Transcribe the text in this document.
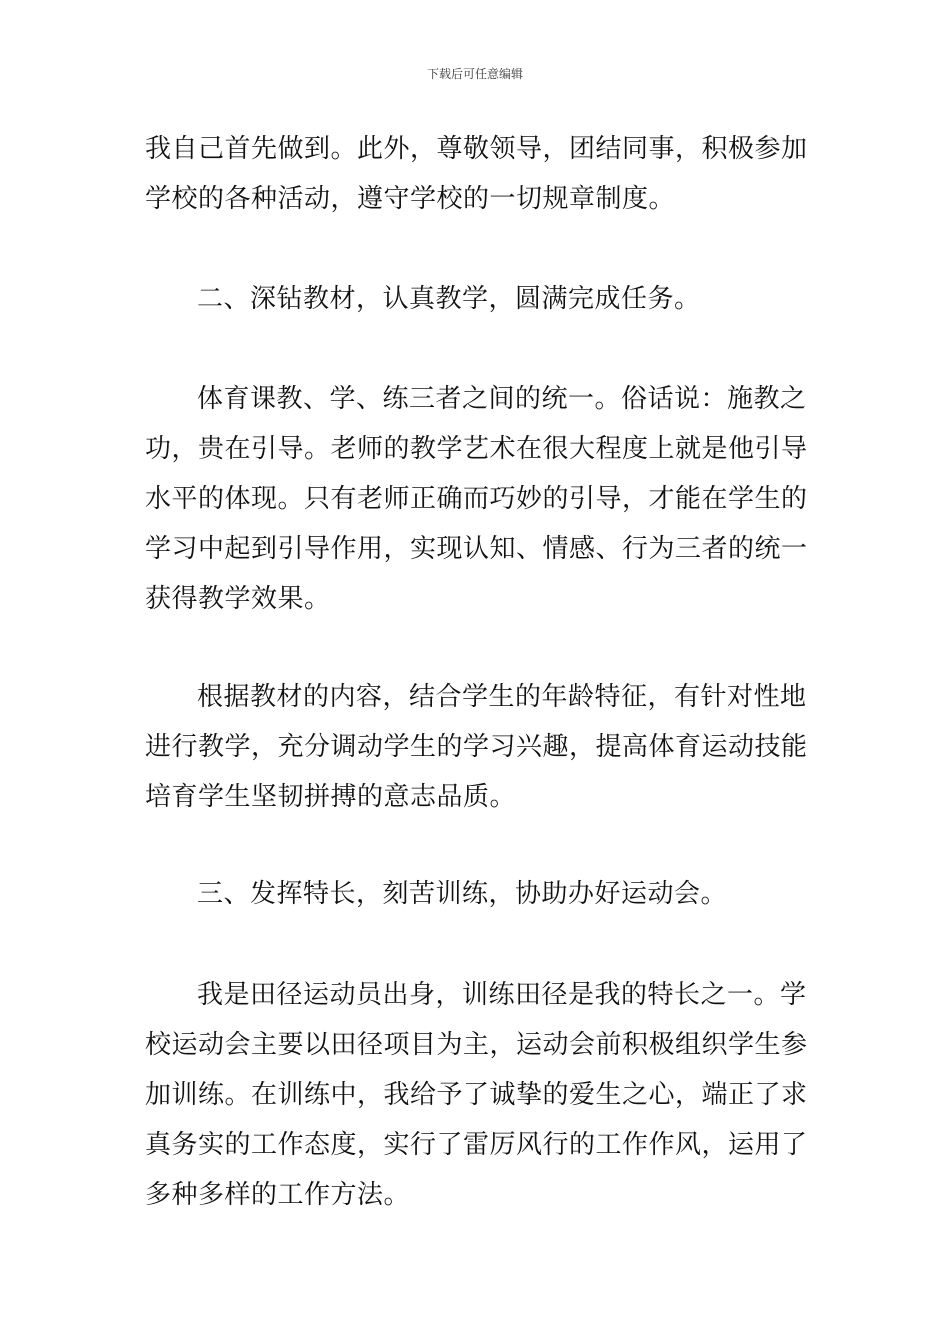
下载后可任意编辑

我自己首先做到。此外，尊敬领导，团结同事，积极参加
学校的各种活动，遵守学校的一切规章制度。

二、深钻教材，认真教学，圆满完成任务。

体育课教、学、练三者之间的统一。俗话说：施教之
功，贵在引导。老师的教学艺术在很大程度上就是他引导
水平的体现。只有老师正确而巧妙的引导，才能在学生的
学习中起到引导作用，实现认知、情感、行为三者的统一
获得教学效果。

根据教材的内容，结合学生的年龄特征，有针对性地
进行教学，充分调动学生的学习兴趣，提高体育运动技能
培育学生坚韧拼搏的意志品质。

三、发挥特长，刻苦训练，协助办好运动会。

我是田径运动员出身，训练田径是我的特长之一。学
校运动会主要以田径项目为主，运动会前积极组织学生参
加训练。在训练中，我给予了诚挚的爱生之心，端正了求
真务实的工作态度，实行了雷厉风行的工作作风，运用了
多种多样的工作方法。
